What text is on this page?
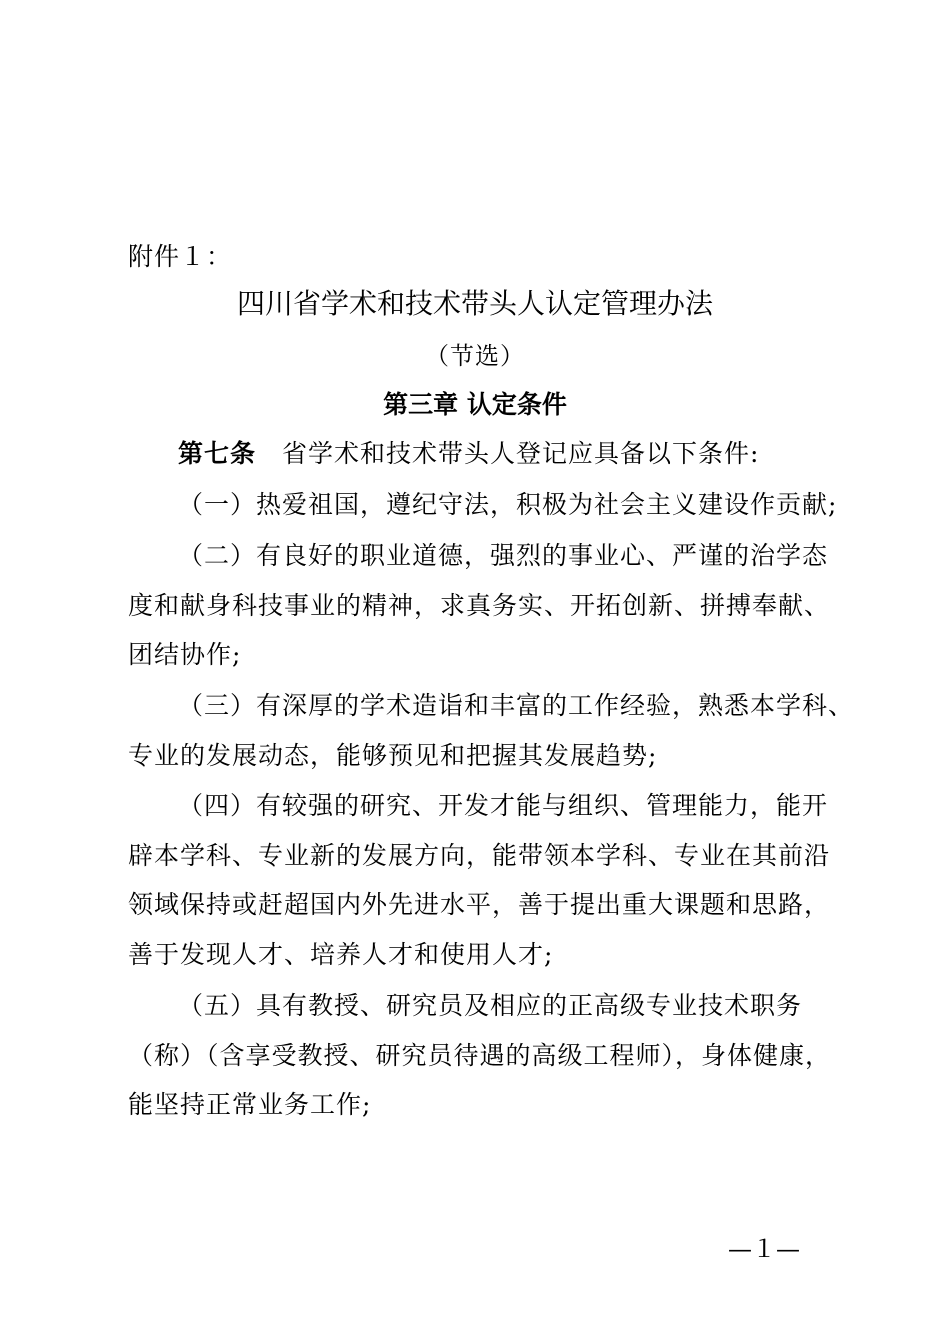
附件１：
四川省学术和技术带头人认定管理办法
（节选）
第三章 认定条件
第七条 省学术和技术带头人登记应具备以下条件:
（一）热爱祖国，遵纪守法，积极为社会主义建设作贡献;
（二）有良好的职业道德，强烈的事业心、严谨的治学态
度和献身科技事业的精神，求真务实、开拓创新、拼搏奉献、
团结协作;
（三）有深厚的学术造诣和丰富的工作经验，熟悉本学科、
专业的发展动态，能够预见和把握其发展趋势;
（四）有较强的研究、开发才能与组织、管理能力，能开
辟本学科、专业新的发展方向，能带领本学科、专业在其前沿
领域保持或赶超国内外先进水平，善于提出重大课题和思路，
善于发现人才、培养人才和使用人才;
（五）具有教授、研究员及相应的正高级专业技术职务
（称）（含享受教授、研究员待遇的高级工程师），身体健康，
能坚持正常业务工作;
—１—
